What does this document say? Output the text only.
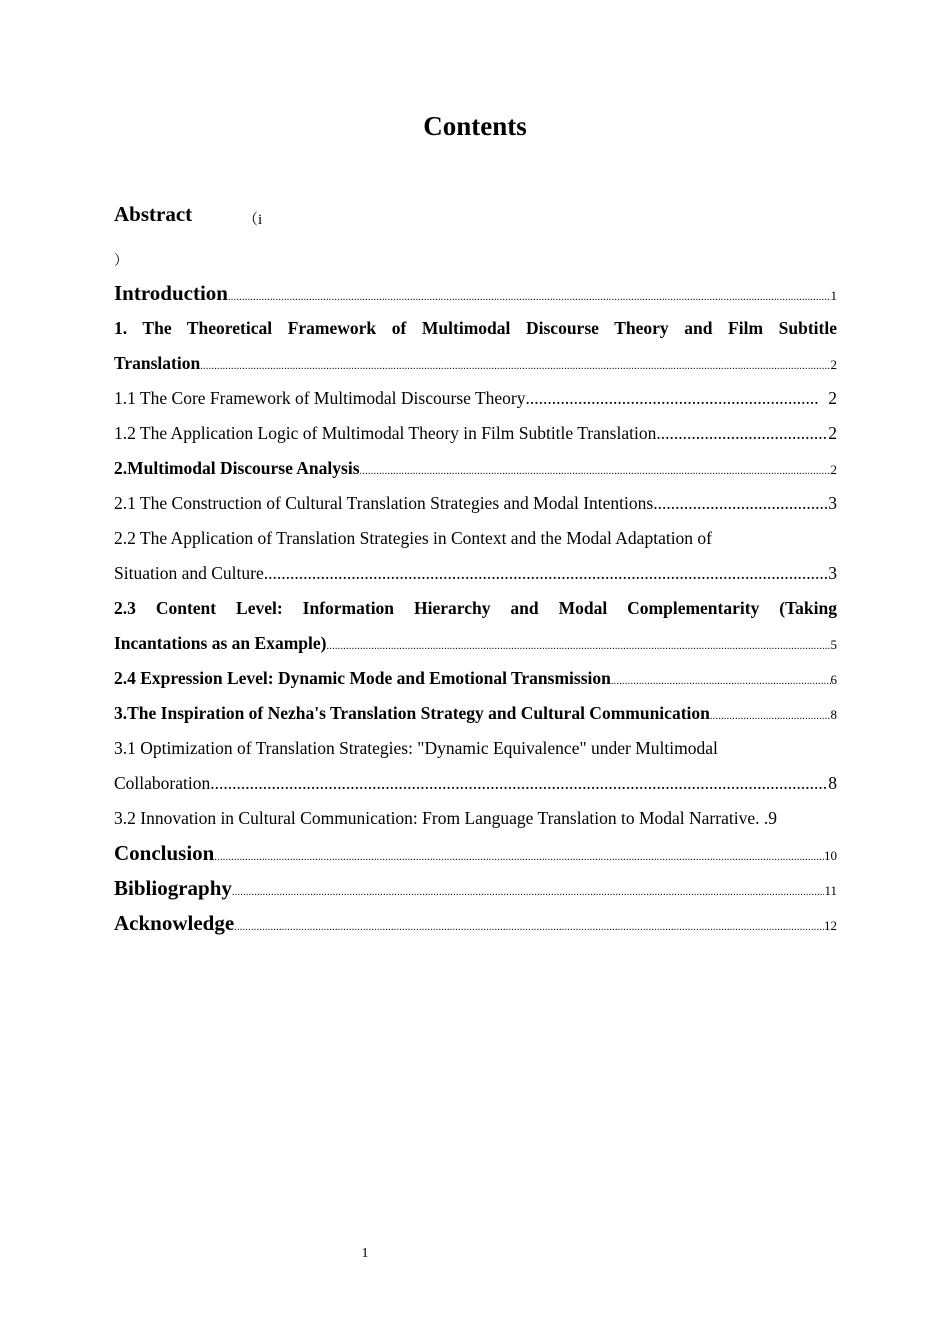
Contents
Abstract	（i
）
Introduction .....	1
1. The Theoretical Framework of Multimodal Discourse Theory and Film Subtitle
Translation .....	2
1.1 The Core Framework of Multimodal Discourse Theory .....	2
1.2 The Application Logic of Multimodal Theory in Film Subtitle Translation. .....	2
2.Multimodal Discourse Analysis .....	2
2.1 The Construction of Cultural Translation Strategies and Modal Intentions. .....	3
2.2 The Application of Translation Strategies in Context and the Modal Adaptation of
Situation and Culture. .....	3
2.3 Content Level: Information Hierarchy and Modal Complementarity (Taking
Incantations as an Example) .....	5
2.4 Expression Level: Dynamic Mode and Emotional Transmission .....	6
3.The Inspiration of Nezha's Translation Strategy and Cultural Communication .....	8
3.1 Optimization of Translation Strategies: "Dynamic Equivalence" under Multimodal
Collaboration .....	8
3.2 Innovation in Cultural Communication: From Language Translation to Modal Narrative. . 9
Conclusion .....	10
Bibliography .....	11
Acknowledge .....	12
1
